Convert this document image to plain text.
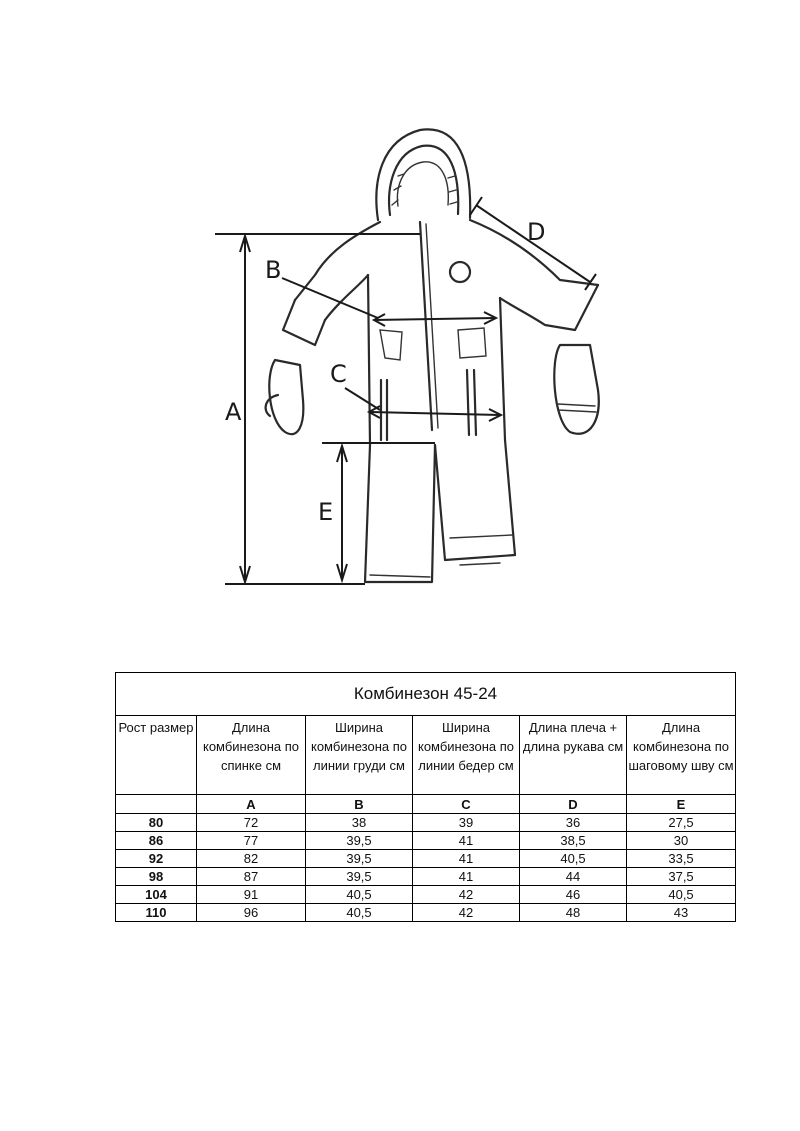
A
B
C
D
E
Комбинезон 45-24					
Рост размер	Длина комбинезона по спинке см	Ширина комбинезона по линии груди см	Ширина комбинезона по линии бедер см	Длина плеча + длина рукава см	Длина комбинезона по шаговому шву см
	A	B	C	D	E
80	72	38	39	36	27,5
86	77	39,5	41	38,5	30
92	82	39,5	41	40,5	33,5
98	87	39,5	41	44	37,5
104	91	40,5	42	46	40,5
110	96	40,5	42	48	43
